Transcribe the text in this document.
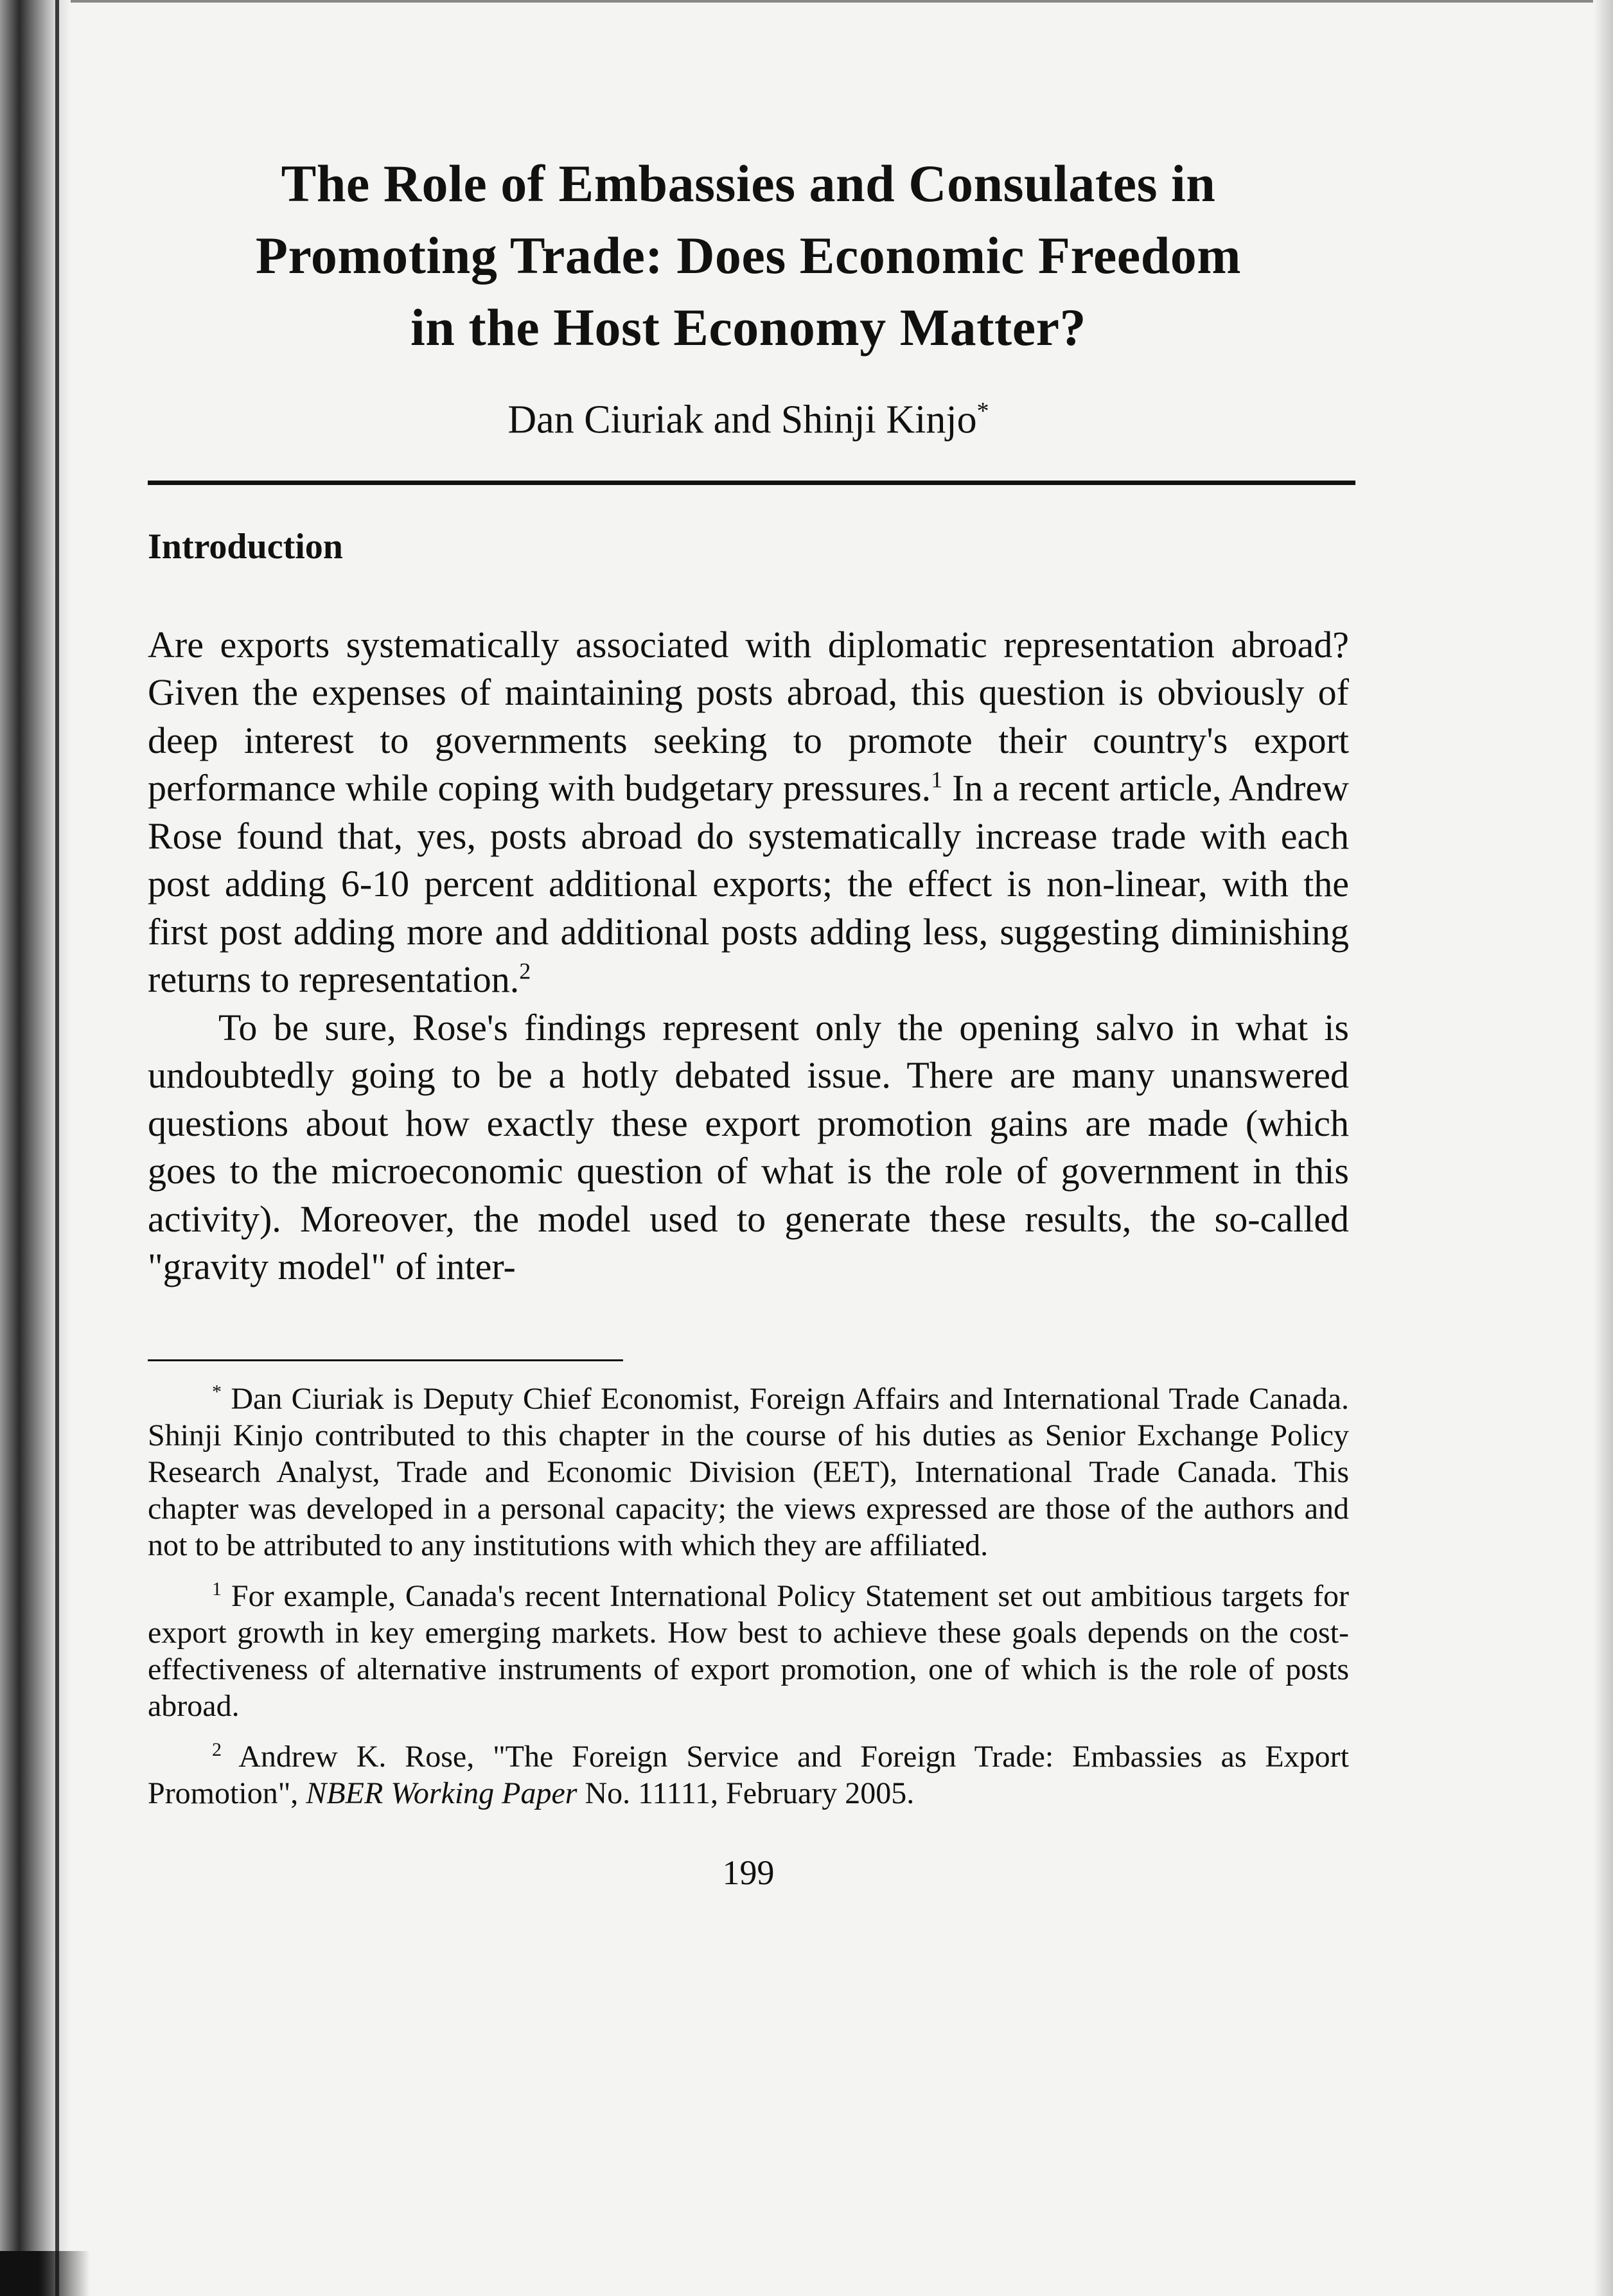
The Role of Embassies and Consulates in
Promoting Trade: Does Economic Freedom
in the Host Economy Matter?
Dan Ciuriak and Shinji Kinjo*
Introduction

Are exports systematically associated with diplomatic representation abroad? Given the expenses of maintaining posts abroad, this question is obviously of deep interest to governments seeking to promote their country's export performance while coping with budgetary pressures.$^1$ In a recent article, Andrew Rose found that, yes, posts abroad do systematically increase trade with each post adding 6-10 percent additional exports; the effect is non-linear, with the first post adding more and additional posts adding less, suggesting diminishing returns to representation.$^2$

To be sure, Rose's findings represent only the opening salvo in what is undoubtedly going to be a hotly debated issue. There are many unanswered questions about how exactly these export promotion gains are made (which goes to the microeconomic question of what is the role of government in this activity). Moreover, the model used to generate these results, the so-called "gravity model" of inter-

* Dan Ciuriak is Deputy Chief Economist, Foreign Affairs and International Trade Canada. Shinji Kinjo contributed to this chapter in the course of his duties as Senior Exchange Policy Research Analyst, Trade and Economic Division (EET), International Trade Canada. This chapter was developed in a personal capacity; the views expressed are those of the authors and not to be attributed to any institutions with which they are affiliated.

$^1$ For example, Canada's recent International Policy Statement set out ambitious targets for export growth in key emerging markets. How best to achieve these goals depends on the cost-effectiveness of alternative instruments of export promotion, one of which is the role of posts abroad.

$^2$ Andrew K. Rose, "The Foreign Service and Foreign Trade: Embassies as Export Promotion", NBER Working Paper No. 11111, February 2005.

199
